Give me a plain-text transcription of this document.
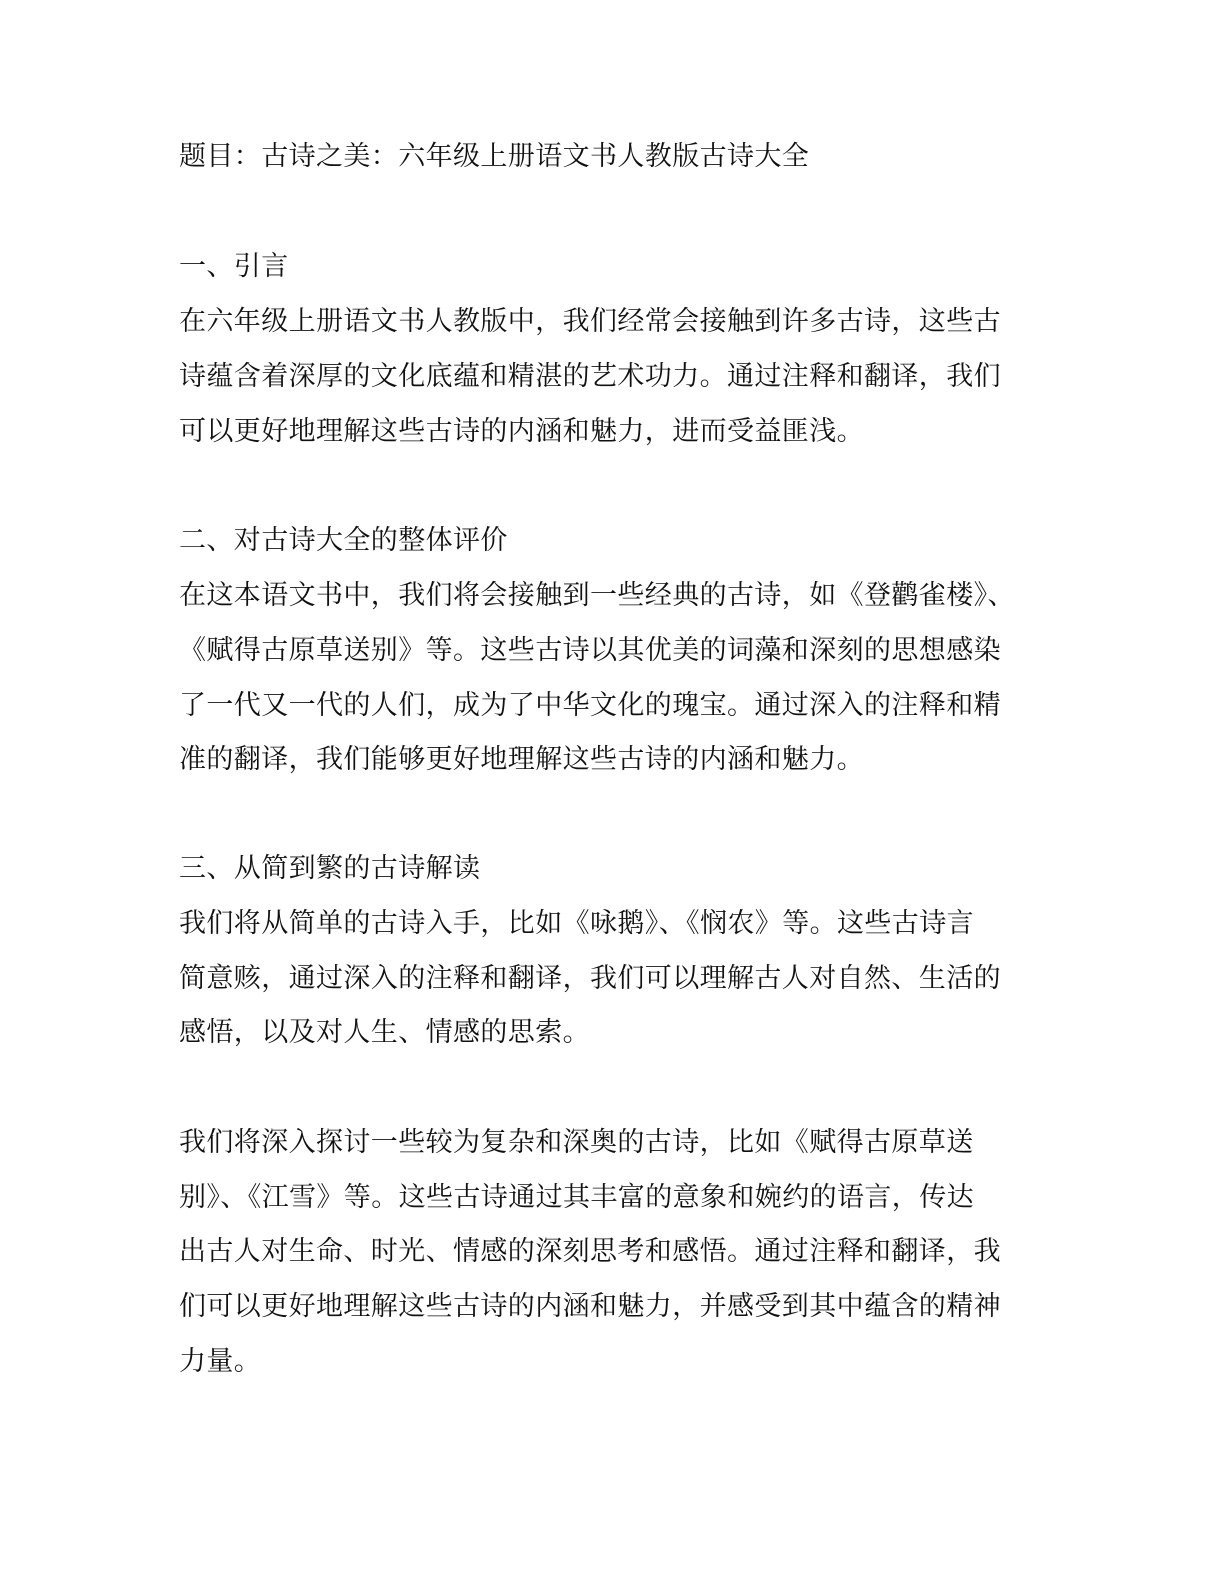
题目：古诗之美：六年级上册语文书人教版古诗大全
一、引言
在六年级上册语文书人教版中，我们经常会接触到许多古诗，这些古
诗蕴含着深厚的文化底蕴和精湛的艺术功力。通过注释和翻译，我们
可以更好地理解这些古诗的内涵和魅力，进而受益匪浅。
二、对古诗大全的整体评价
在这本语文书中，我们将会接触到一些经典的古诗，如《登鹳雀楼》、
《赋得古原草送别》等。这些古诗以其优美的词藻和深刻的思想感染
了一代又一代的人们，成为了中华文化的瑰宝。通过深入的注释和精
准的翻译，我们能够更好地理解这些古诗的内涵和魅力。
三、从简到繁的古诗解读
我们将从简单的古诗入手，比如《咏鹅》、《悯农》等。这些古诗言
简意赅，通过深入的注释和翻译，我们可以理解古人对自然、生活的
感悟，以及对人生、情感的思索。
我们将深入探讨一些较为复杂和深奥的古诗，比如《赋得古原草送
别》、《江雪》等。这些古诗通过其丰富的意象和婉约的语言，传达
出古人对生命、时光、情感的深刻思考和感悟。通过注释和翻译，我
们可以更好地理解这些古诗的内涵和魅力，并感受到其中蕴含的精神
力量。
